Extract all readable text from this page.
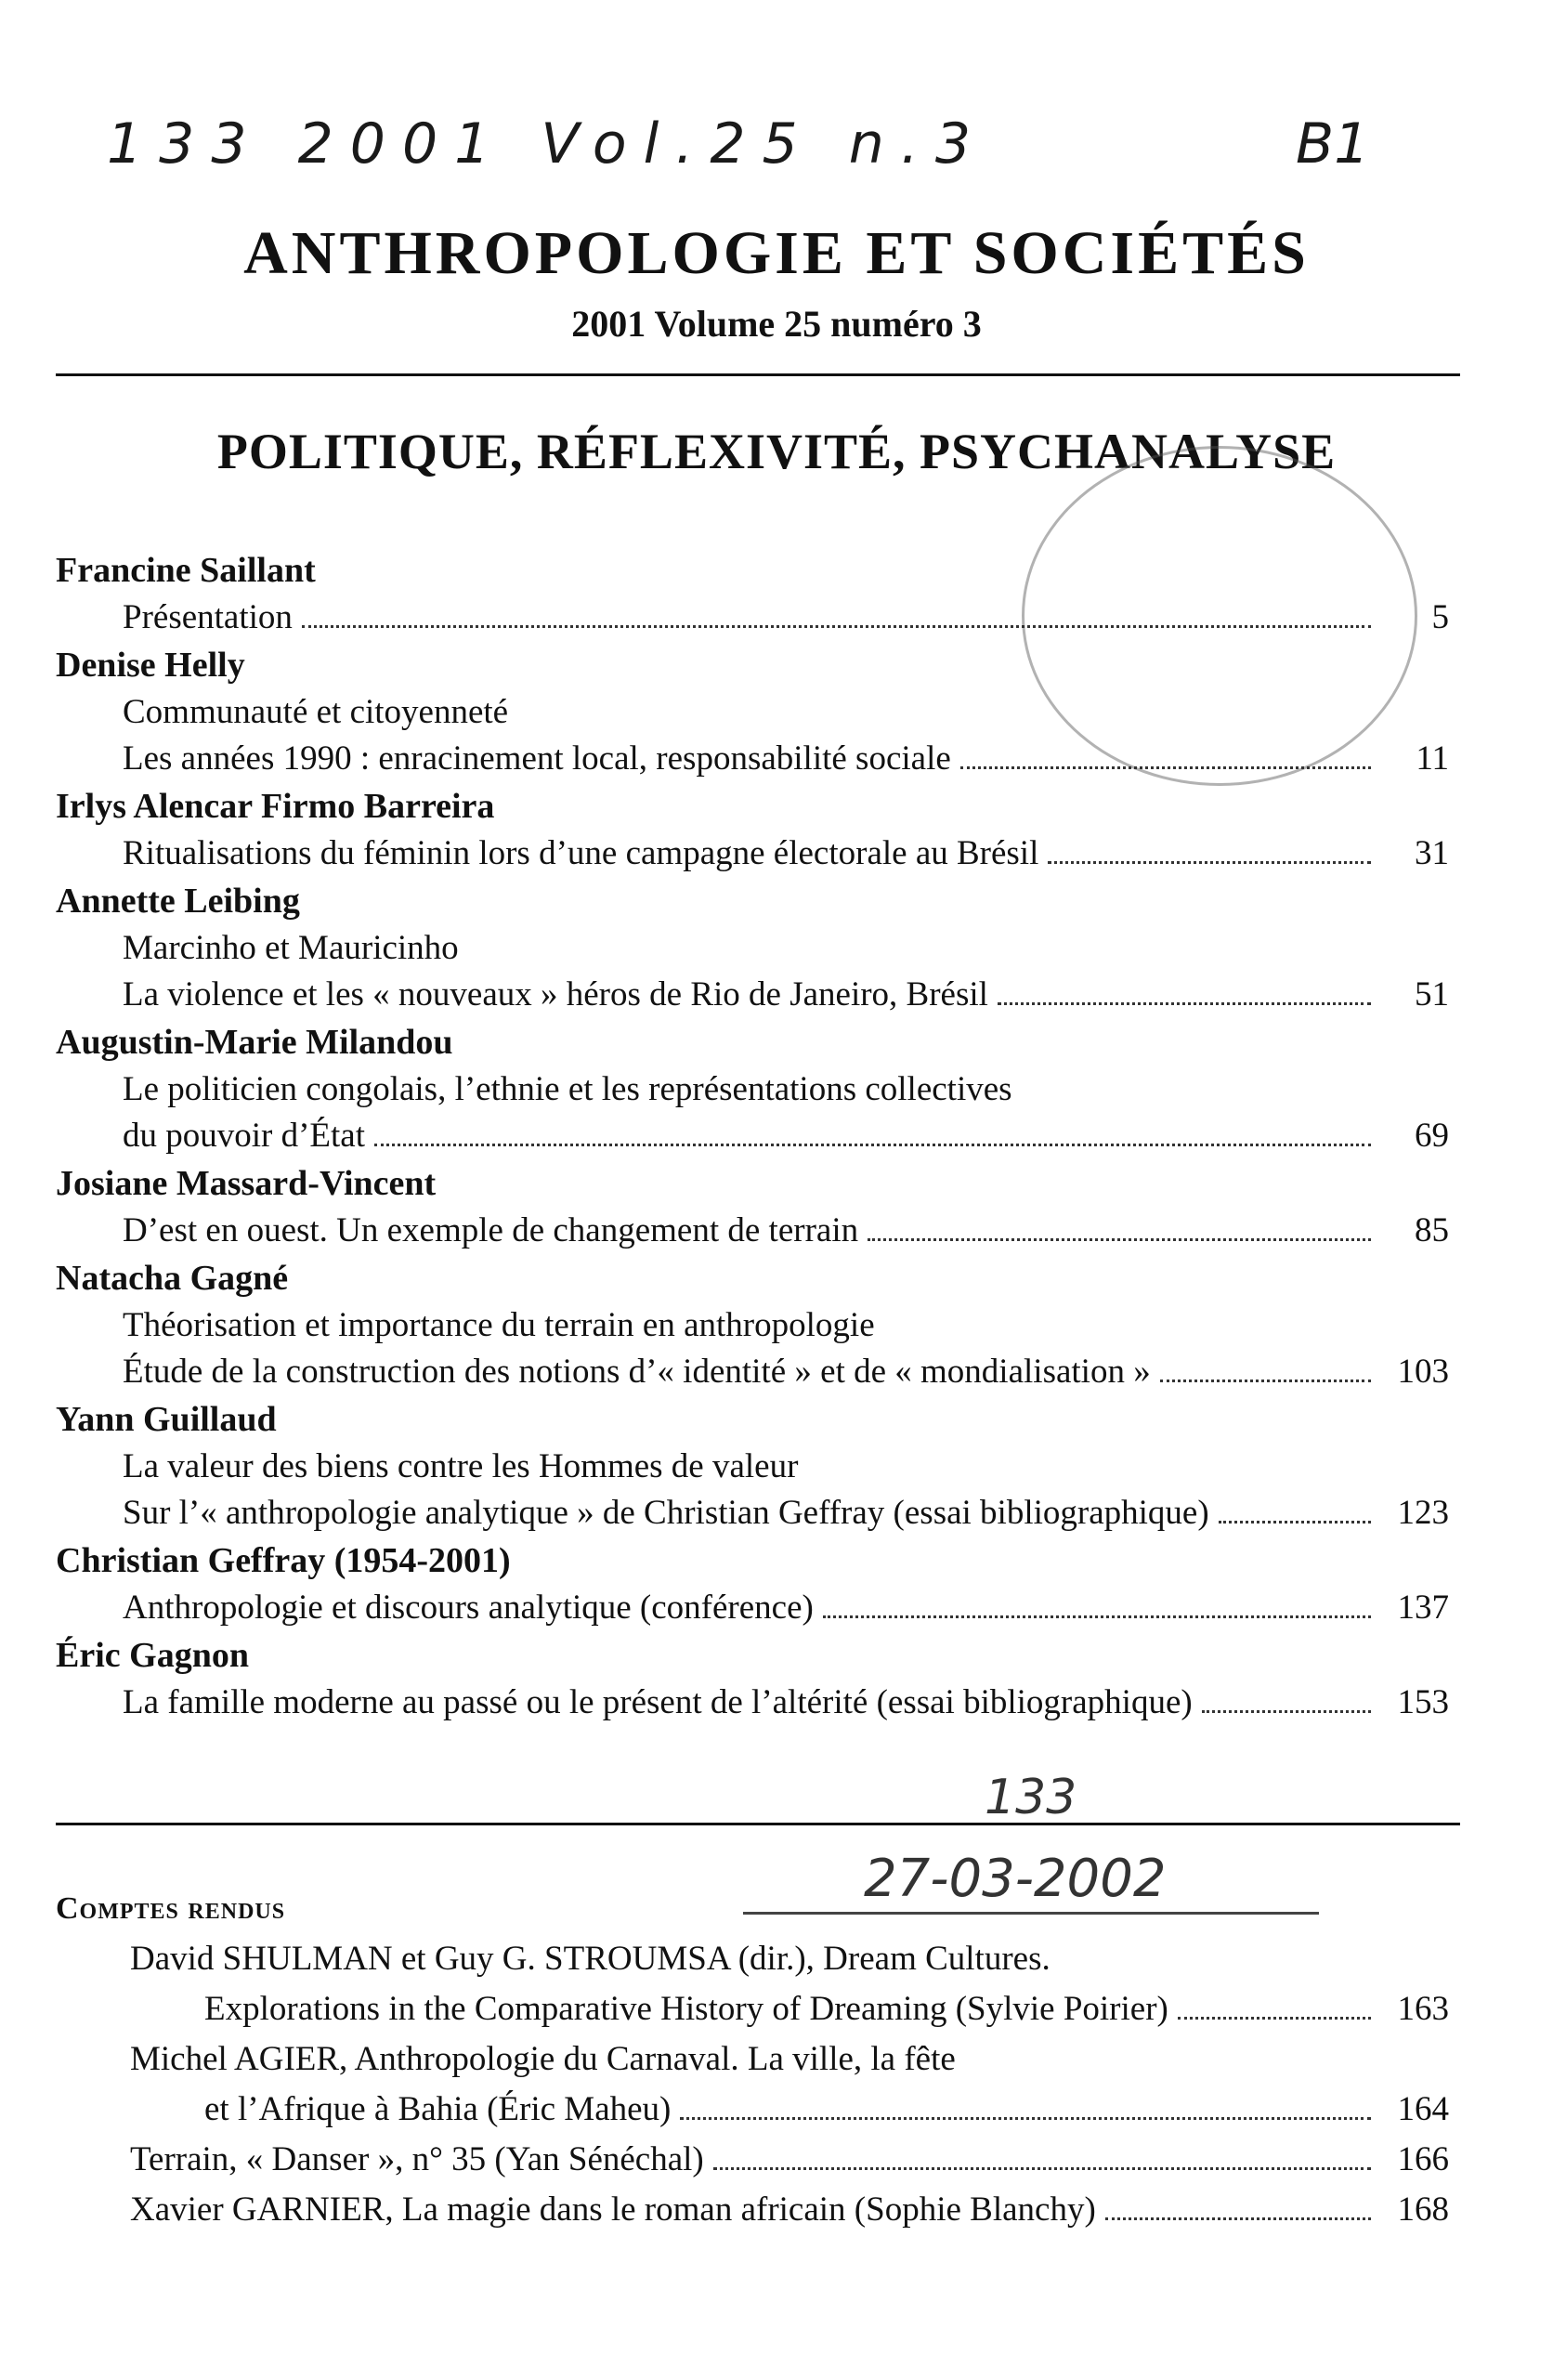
133 2001 Vol.25 n.3	B1
ANTHROPOLOGIE ET SOCIÉTÉS
2001 Volume 25 numéro 3
POLITIQUE, RÉFLEXIVITÉ, PSYCHANALYSE
Francine Saillant
Présentation	5
Denise Helly
Communauté et citoyenneté
Les années 1990 : enracinement local, responsabilité sociale	11
Irlys Alencar Firmo Barreira
Ritualisations du féminin lors d’une campagne électorale au Brésil	31
Annette Leibing
Marcinho et Mauricinho
La violence et les « nouveaux » héros de Rio de Janeiro, Brésil	51
Augustin-Marie Milandou
Le politicien congolais, l’ethnie et les représentations collectives
du pouvoir d’État	69
Josiane Massard-Vincent
D’est en ouest. Un exemple de changement de terrain	85
Natacha Gagné
Théorisation et importance du terrain en anthropologie
Étude de la construction des notions d’« identité » et de « mondialisation »	103
Yann Guillaud
La valeur des biens contre les Hommes de valeur
Sur l’« anthropologie analytique » de Christian Geffray (essai bibliographique)	123
Christian Geffray (1954-2001)
Anthropologie et discours analytique (conférence)	137
Éric Gagnon
La famille moderne au passé ou le présent de l’altérité (essai bibliographique)	153
133
27-03-2002
Comptes rendus
David SHULMAN et Guy G. STROUMSA (dir.), Dream Cultures.
Explorations in the Comparative History of Dreaming (Sylvie Poirier)	163
Michel AGIER, Anthropologie du Carnaval. La ville, la fête
et l’Afrique à Bahia (Éric Maheu)	164
Terrain, « Danser », n° 35 (Yan Sénéchal)	166
Xavier GARNIER, La magie dans le roman africain (Sophie Blanchy)	168
